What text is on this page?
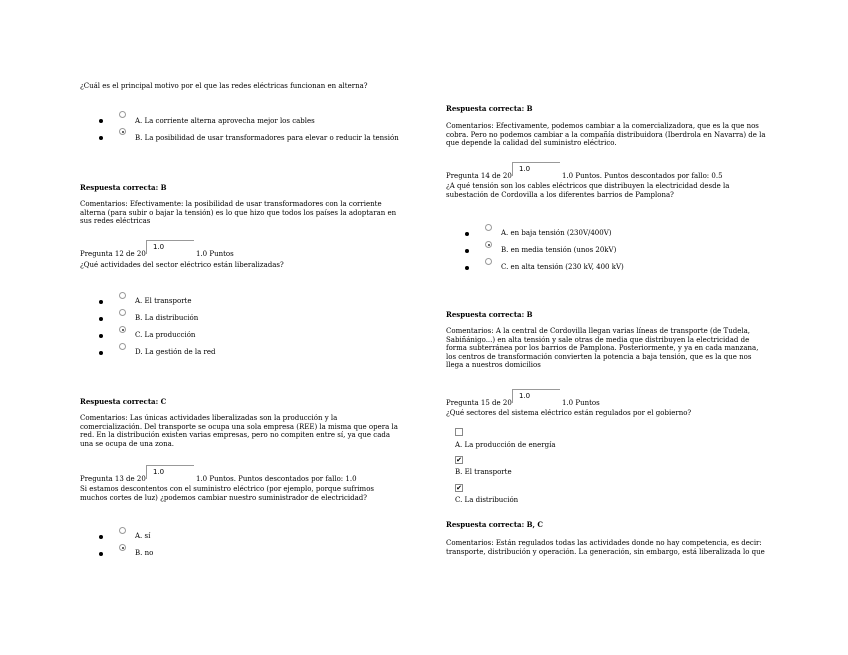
¿Cuál es el principal motivo por el que las redes eléctricas funcionan en alterna?
A. La corriente alterna aprovecha mejor los cables
B. La posibilidad de usar transformadores para elevar o reducir la tensión
Respuesta correcta: B
Comentarios: Efectivamente: la posibilidad de usar transformadores con la corriente alterna (para subir o bajar la tensión) es lo que hizo que todos los países la adoptaran en sus redes eléctricas
Pregunta 12 de 20
1.0
1.0 Puntos
¿Qué actividades del sector eléctrico están liberalizadas?
A. El transporte
B. La distribución
C. La producción
D. La gestión de la red
Respuesta correcta: C
Comentarios: Las únicas actividades liberalizadas son la producción y la comercialización. Del transporte se ocupa una sola empresa (REE) la misma que opera la red. En la distribución existen varias empresas, pero no compiten entre sí, ya que cada una se ocupa de una zona.
Pregunta 13 de 20
1.0
1.0 Puntos. Puntos descontados por fallo: 1.0
Si estamos descontentos con el suministro eléctrico (por ejemplo, porque sufrimos muchos cortes de luz) ¿podemos cambiar nuestro suministrador de electricidad?
A. sí
B. no
Respuesta correcta: B
Comentarios: Efectivamente, podemos cambiar a la comercializadora, que es la que nos cobra. Pero no podemos cambiar a la compañía distribuidora (Iberdrola en Navarra) de la que depende la calidad del suministro eléctrico.
Pregunta 14 de 20
1.0
1.0 Puntos. Puntos descontados por fallo: 0.5
¿A qué tensión son los cables eléctricos que distribuyen la electricidad desde la subestación de Cordovilla a los diferentes barrios de Pamplona?
A. en baja tensión (230V/400V)
B. en media tensión (unos 20kV)
C. en alta tensión (230 kV, 400 kV)
Respuesta correcta: B
Comentarios: A la central de Cordovilla llegan varias líneas de transporte (de Tudela, Sabiñánigo...) en alta tensión y sale otras de media que distribuyen la electricidad de forma subterránea por los barrios de Pamplona. Posteriormente, y ya en cada manzana, los centros de transformación convierten la potencia a baja tensión, que es la que nos llega a nuestros domicilios
Pregunta 15 de 20
1.0
1.0 Puntos
¿Qué sectores del sistema eléctrico están regulados por el gobierno?
A. La producción de energía
✔
B. El transporte
✔
C. La distribución
Respuesta correcta: B, C
Comentarios: Están regulados todas las actividades donde no hay competencia, es decir: transporte, distribución y operación. La generación, sin embargo, está liberalizada lo que
